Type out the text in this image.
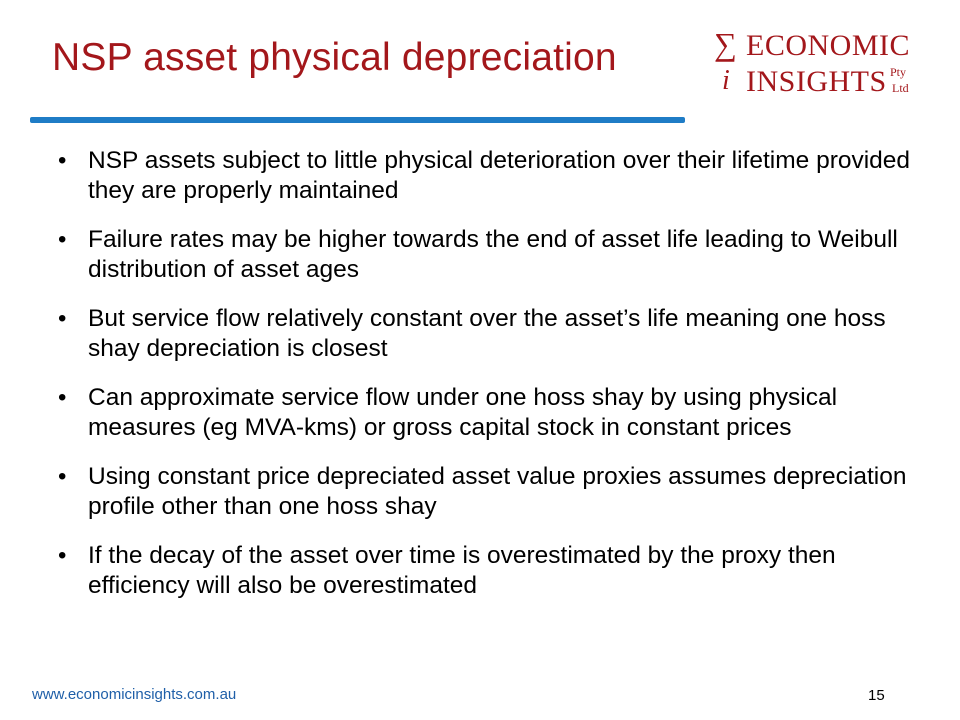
NSP asset physical depreciation	∑
i
ECONOMIC
INSIGHTS Pty
Ltd
• NSP assets subject to little physical deterioration over their lifetime provided they are properly maintained
• Failure rates may be higher towards the end of asset life leading to Weibull distribution of asset ages
• But service flow relatively constant over the asset’s life meaning one hoss shay depreciation is closest
• Can approximate service flow under one hoss shay by using physical measures (eg MVA-kms) or gross capital stock in constant prices
• Using constant price depreciated asset value proxies assumes depreciation profile other than one hoss shay
• If the decay of the asset over time is overestimated by the proxy then efficiency will also be overestimated
www.economicinsights.com.au	15
